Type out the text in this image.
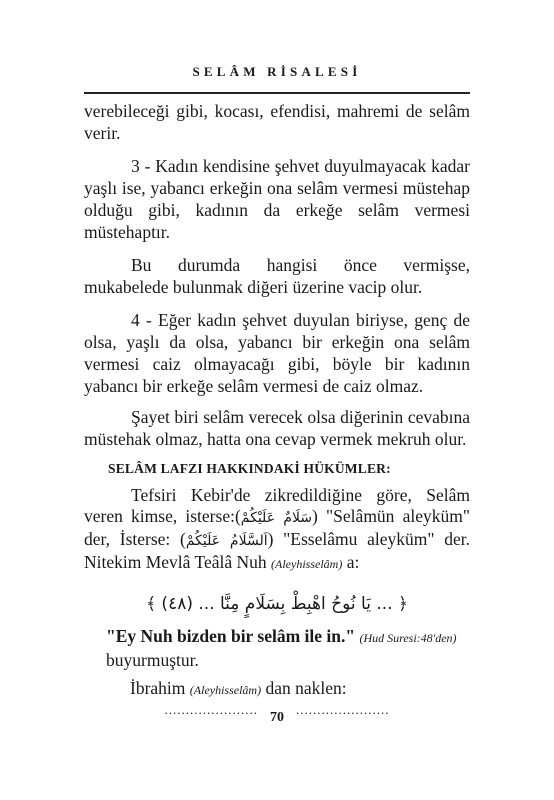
SELÂM RİSALESİ

verebileceği gibi, kocası, efendisi, mahremi de selâm verir.

3 - Kadın kendisine şehvet duyulmayacak kadar yaşlı ise, yabancı erkeğin ona selâm vermesi müstehap olduğu gibi, kadının da erkeğe selâm vermesi müstehaptır.

Bu durumda hangisi önce vermişse, mukabelede bulunmak diğeri üzerine vacip olur.

4 - Eğer kadın şehvet duyulan biriyse, genç de olsa, yaşlı da olsa, yabancı bir erkeğin ona selâm vermesi caiz olmayacağı gibi, böyle bir kadının yabancı bir erkeğe selâm vermesi de caiz olmaz.

Şayet biri selâm verecek olsa diğerinin cevabına müstehak olmaz, hatta ona cevap vermek mekruh olur.

SELÂM LAFZI HAKKINDAKİ HÜKÜMLER:

Tefsiri Kebir'de zikredildiğine göre, Selâm veren kimse, isterse:(سَلَامٌ عَلَيْكُمْ) "Selâmün aleyküm" der, İsterse: (اَلسَّلَامُ عَلَيْكُمْ) "Esselâmu aleyküm" der. Nitekim Mevlâ Teâlâ Nuh (Aleyhisselâm) a:

﴿ ... يَا نُوحُ اهْبِطْ بِسَلَامٍ مِنَّا ... (٤٨) ﴾
"Ey Nuh bizden bir selâm ile in." (Hud Suresi:48'den) buyurmuştur.
İbrahim (Aleyhisselâm) dan naklen:
......................
70
......................
